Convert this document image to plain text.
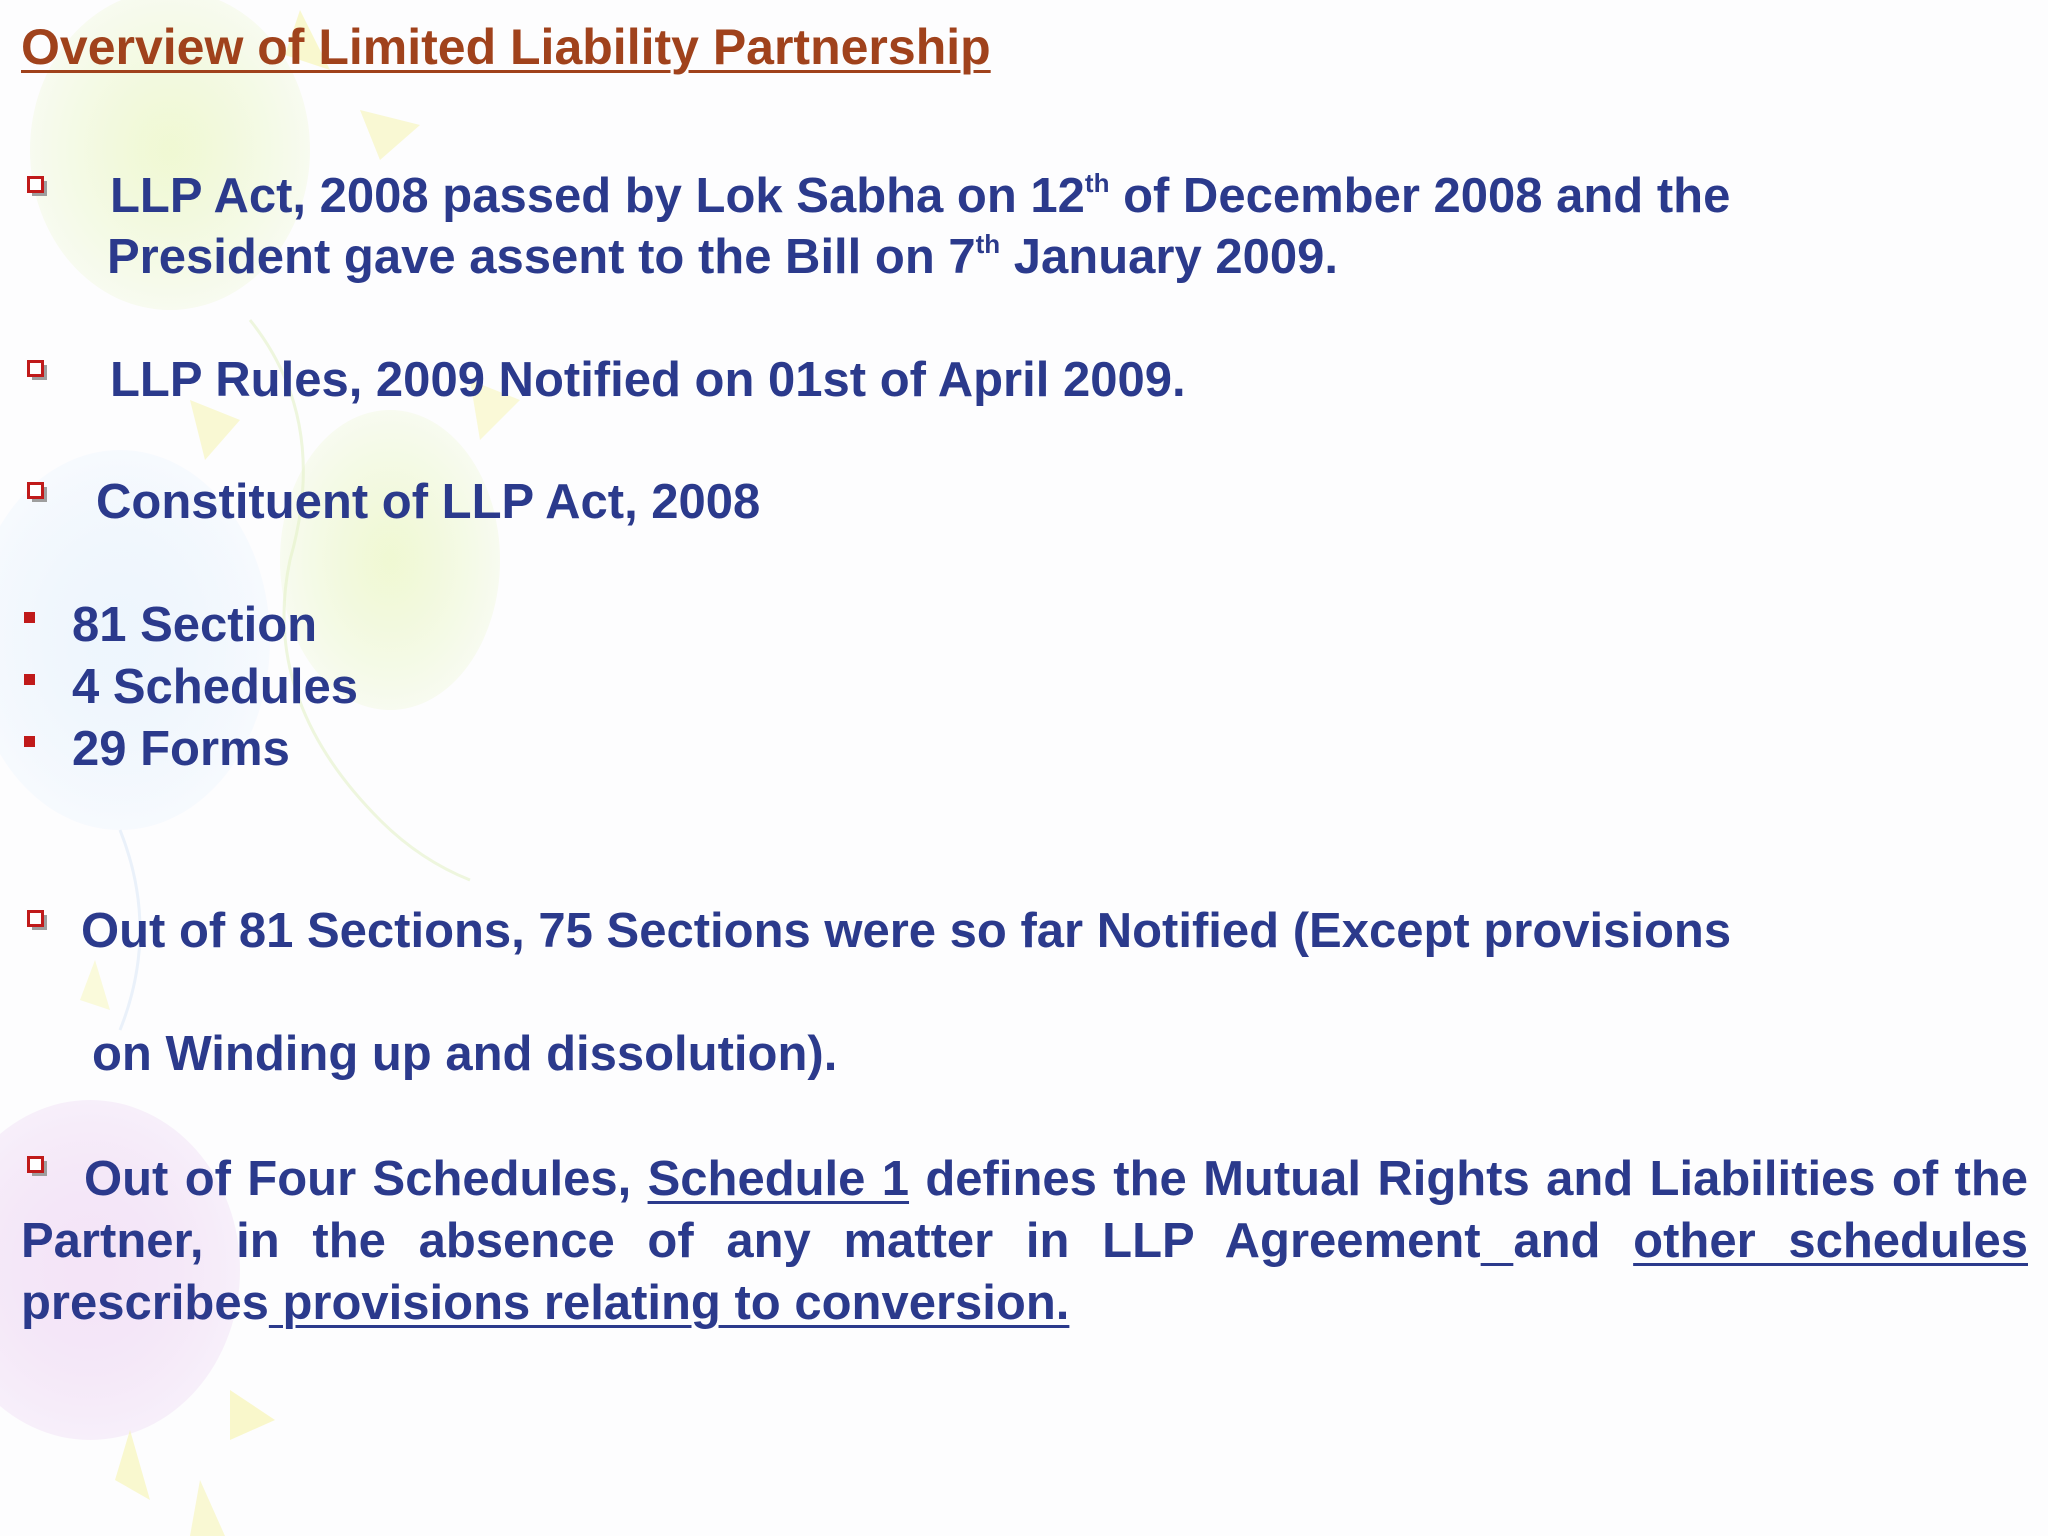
Overview of Limited Liability Partnership

LLP Act, 2008 passed by Lok Sabha on 12th of December 2008 and the

President gave assent to the Bill on 7th January 2009.

LLP Rules, 2009 Notified on 01st of April 2009.

Constituent of LLP Act, 2008

81 Section

4 Schedules

29 Forms

Out of 81 Sections, 75 Sections were so far Notified (Except provisions

on Winding up and dissolution).

Out of Four Schedules, Schedule 1 defines the Mutual Rights and Liabilities of the Partner, in the absence of any matter in LLP Agreement and other schedules prescribes provisions relating to conversion.
